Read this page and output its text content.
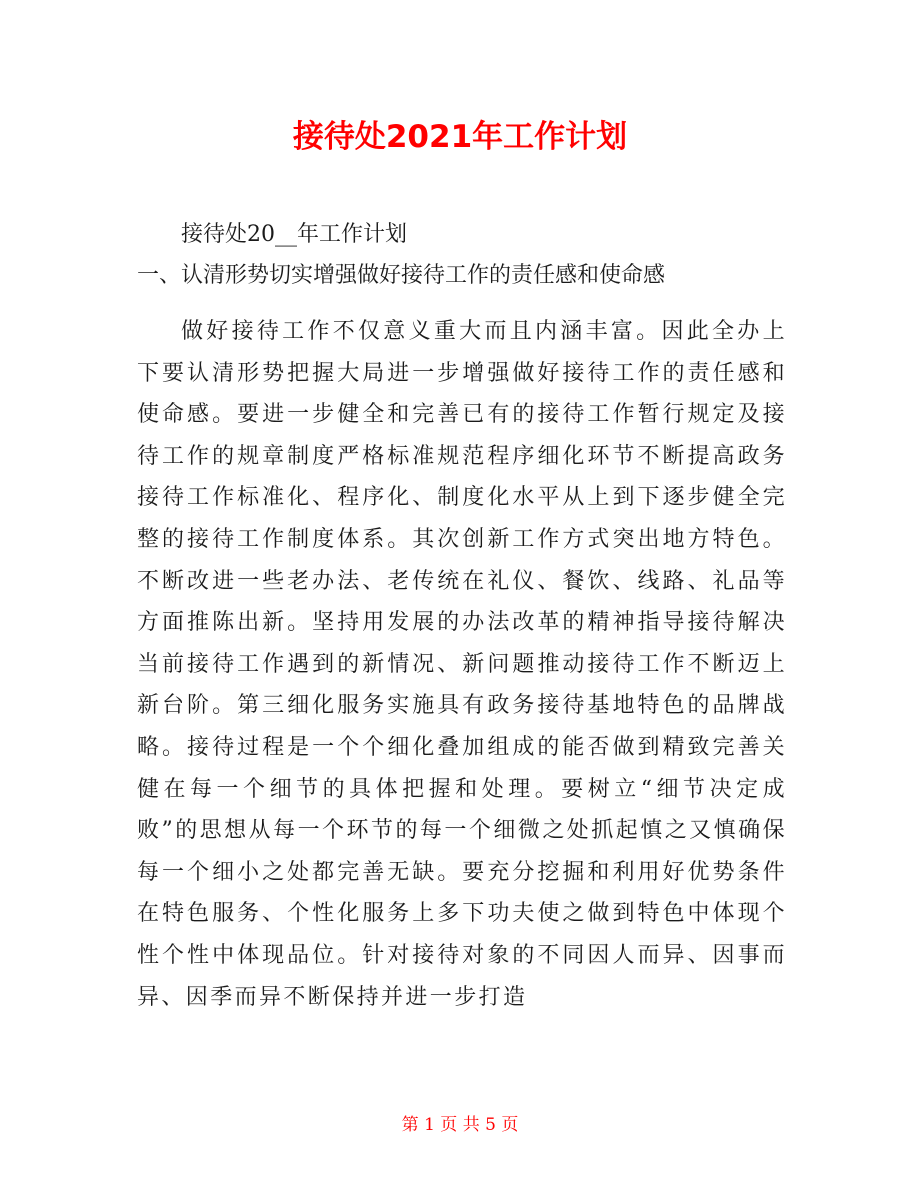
接待处2021年工作计划
接待处20__年工作计划
一、认清形势切实增强做好接待工作的责任感和使命感
做好接待工作不仅意义重大而且内涵丰富。因此全办上下要认清形势把握大局进一步增强做好接待工作的责任感和使命感。要进一步健全和完善已有的接待工作暂行规定及接待工作的规章制度严格标准规范程序细化环节不断提高政务接待工作标准化、程序化、制度化水平从上到下逐步健全完整的接待工作制度体系。其次创新工作方式突出地方特色。不断改进一些老办法、老传统在礼仪、餐饮、线路、礼品等方面推陈出新。坚持用发展的办法改革的精神指导接待解决当前接待工作遇到的新情况、新问题推动接待工作不断迈上新台阶。第三细化服务实施具有政务接待基地特色的品牌战略。接待过程是一个个细化叠加组成的能否做到精致完善关健在每一个细节的具体把握和处理。要树立“细节决定成败”的思想从每一个环节的每一个细微之处抓起慎之又慎确保每一个细小之处都完善无缺。要充分挖掘和利用好优势条件在特色服务、个性化服务上多下功夫使之做到特色中体现个性个性中体现品位。针对接待对象的不同因人而异、因事而异、因季而异不断保持并进一步打造
第 1 页 共 5 页
